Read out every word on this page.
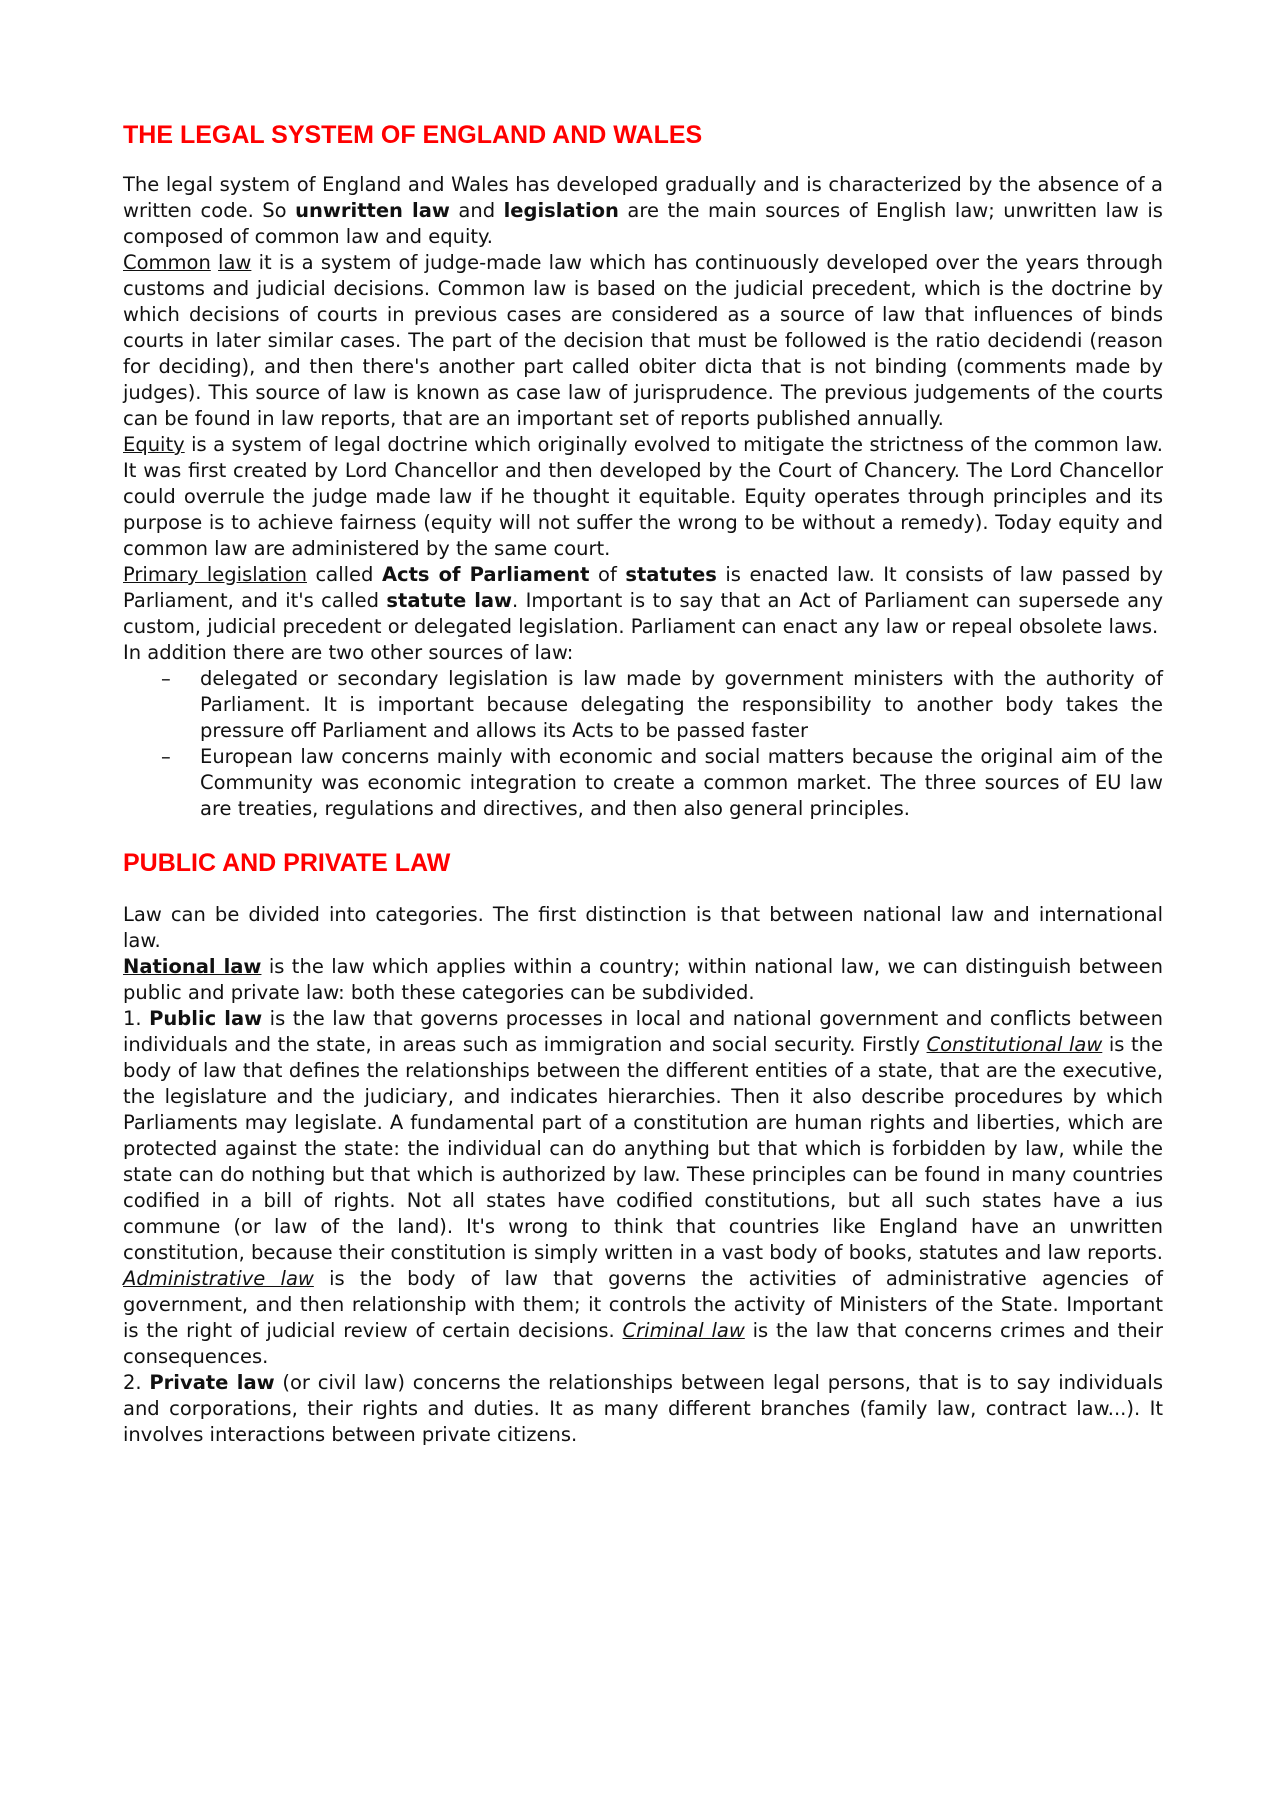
THE LEGAL SYSTEM OF ENGLAND AND WALES

The legal system of England and Wales has developed gradually and is characterized by the absence of a written code. So unwritten law and legislation are the main sources of English law; unwritten law is composed of common law and equity.

Common law it is a system of judge-made law which has continuously developed over the years through customs and judicial decisions. Common law is based on the judicial precedent, which is the doctrine by which decisions of courts in previous cases are considered as a source of law that influences of binds courts in later similar cases. The part of the decision that must be followed is the ratio decidendi (reason for deciding), and then there's another part called obiter dicta that is not binding (comments made by judges). This source of law is known as case law of jurisprudence. The previous judgements of the courts can be found in law reports, that are an important set of reports published annually.

Equity is a system of legal doctrine which originally evolved to mitigate the strictness of the common law. It was first created by Lord Chancellor and then developed by the Court of Chancery. The Lord Chancellor could overrule the judge made law if he thought it equitable. Equity operates through principles and its purpose is to achieve fairness (equity will not suffer the wrong to be without a remedy). Today equity and common law are administered by the same court.

Primary legislation called Acts of Parliament of statutes is enacted law. It consists of law passed by Parliament, and it's called statute law. Important is to say that an Act of Parliament can supersede any custom, judicial precedent or delegated legislation. Parliament can enact any law or repeal obsolete laws.

In addition there are two other sources of law:

– delegated or secondary legislation is law made by government ministers with the authority of Parliament. It is important because delegating the responsibility to another body takes the pressure off Parliament and allows its Acts to be passed faster
– European law concerns mainly with economic and social matters because the original aim of the Community was economic integration to create a common market. The three sources of EU law are treaties, regulations and directives, and then also general principles.
PUBLIC AND PRIVATE LAW

Law can be divided into categories. The first distinction is that between national law and international law.

National law is the law which applies within a country; within national law, we can distinguish between public and private law: both these categories can be subdivided.

1. Public law is the law that governs processes in local and national government and conflicts between individuals and the state, in areas such as immigration and social security. Firstly Constitutional law is the body of law that defines the relationships between the different entities of a state, that are the executive, the legislature and the judiciary, and indicates hierarchies. Then it also describe procedures by which Parliaments may legislate. A fundamental part of a constitution are human rights and liberties, which are protected against the state: the individual can do anything but that which is forbidden by law, while the state can do nothing but that which is authorized by law. These principles can be found in many countries codified in a bill of rights. Not all states have codified constitutions, but all such states have a ius commune (or law of the land). It's wrong to think that countries like England have an unwritten constitution, because their constitution is simply written in a vast body of books, statutes and law reports. Administrative law is the body of law that governs the activities of administrative agencies of government, and then relationship with them; it controls the activity of Ministers of the State. Important is the right of judicial review of certain decisions. Criminal law is the law that concerns crimes and their consequences.

2. Private law (or civil law) concerns the relationships between legal persons, that is to say individuals and corporations, their rights and duties. It as many different branches (family law, contract law...). It involves interactions between private citizens.
